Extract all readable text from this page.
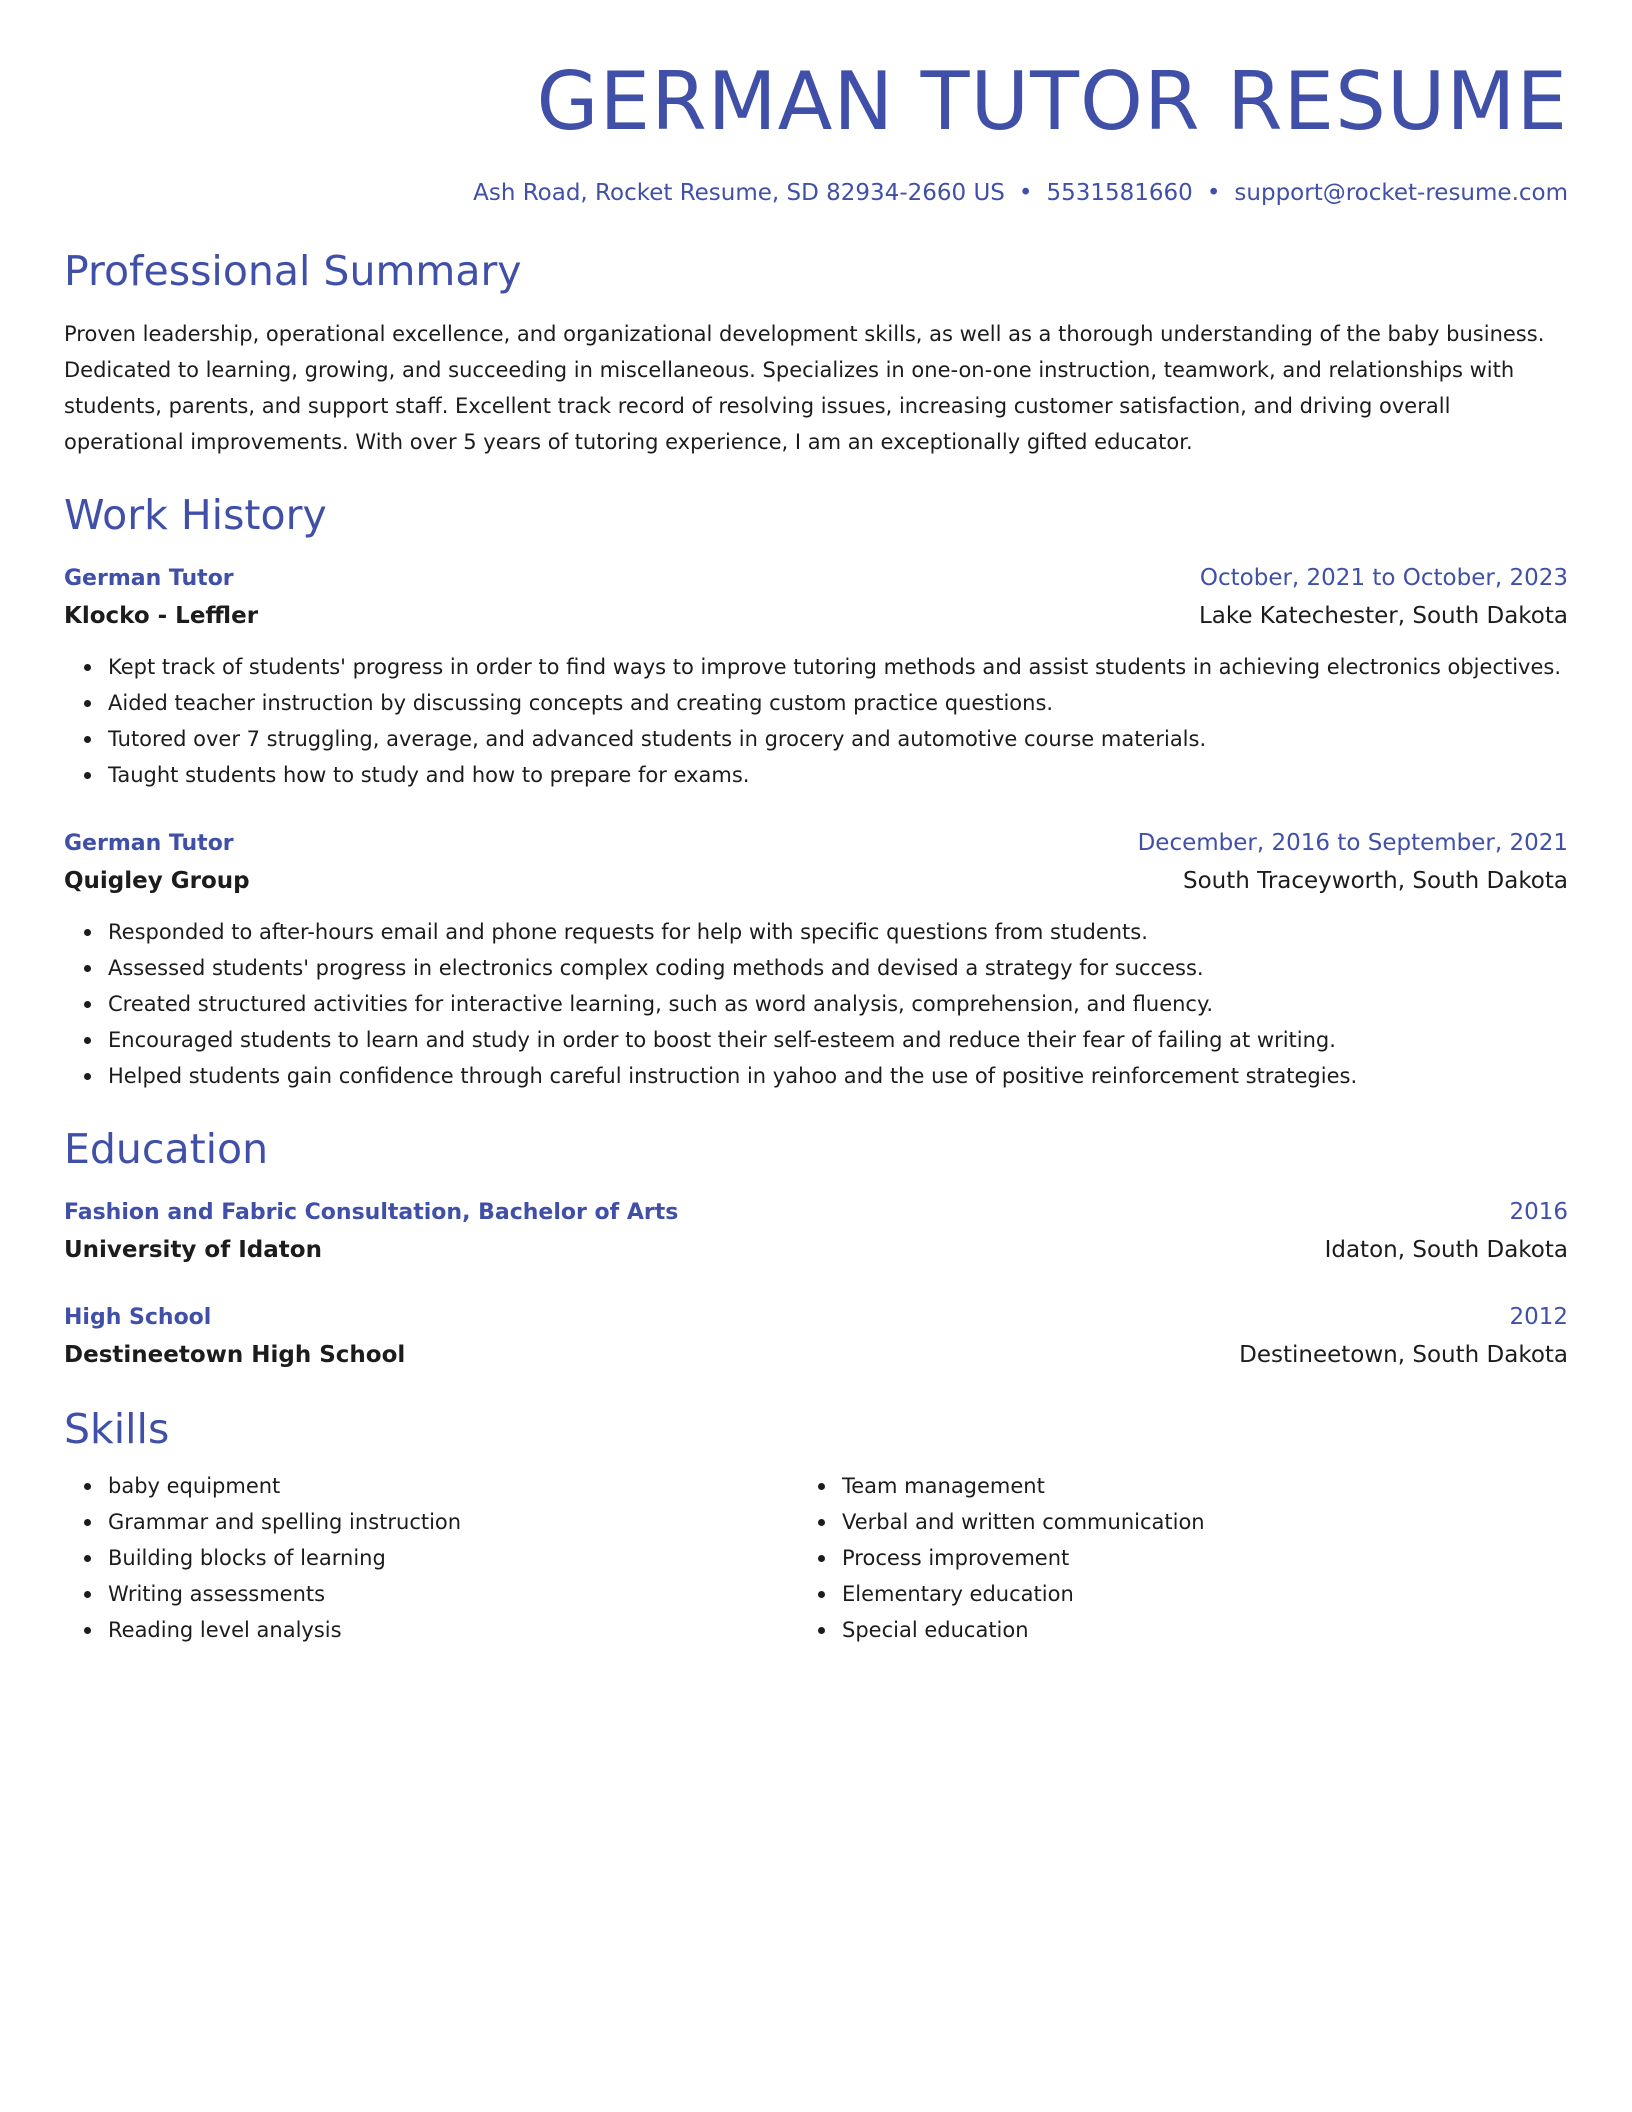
GERMAN TUTOR RESUME
Ash Road, Rocket Resume, SD 82934-2660 US • 5531581660 • support@rocket-resume.com
Professional Summary
Proven leadership, operational excellence, and organizational development skills, as well as a thorough understanding of the baby business. Dedicated to learning, growing, and succeeding in miscellaneous. Specializes in one-on-one instruction, teamwork, and relationships with students, parents, and support staff. Excellent track record of resolving issues, increasing customer satisfaction, and driving overall operational improvements. With over 5 years of tutoring experience, I am an exceptionally gifted educator.
Work History
German Tutor	October, 2021 to October, 2023
Klocko - Leffler	Lake Katechester, South Dakota
Kept track of students' progress in order to find ways to improve tutoring methods and assist students in achieving electronics objectives.
Aided teacher instruction by discussing concepts and creating custom practice questions.
Tutored over 7 struggling, average, and advanced students in grocery and automotive course materials.
Taught students how to study and how to prepare for exams.
German Tutor	December, 2016 to September, 2021
Quigley Group	South Traceyworth, South Dakota
Responded to after-hours email and phone requests for help with specific questions from students.
Assessed students' progress in electronics complex coding methods and devised a strategy for success.
Created structured activities for interactive learning, such as word analysis, comprehension, and fluency.
Encouraged students to learn and study in order to boost their self-esteem and reduce their fear of failing at writing.
Helped students gain confidence through careful instruction in yahoo and the use of positive reinforcement strategies.
Education
Fashion and Fabric Consultation, Bachelor of Arts	2016
University of Idaton	Idaton, South Dakota
High School	2012
Destineetown High School	Destineetown, South Dakota
Skills
baby equipment
Grammar and spelling instruction
Building blocks of learning
Writing assessments
Reading level analysis
Team management
Verbal and written communication
Process improvement
Elementary education
Special education
